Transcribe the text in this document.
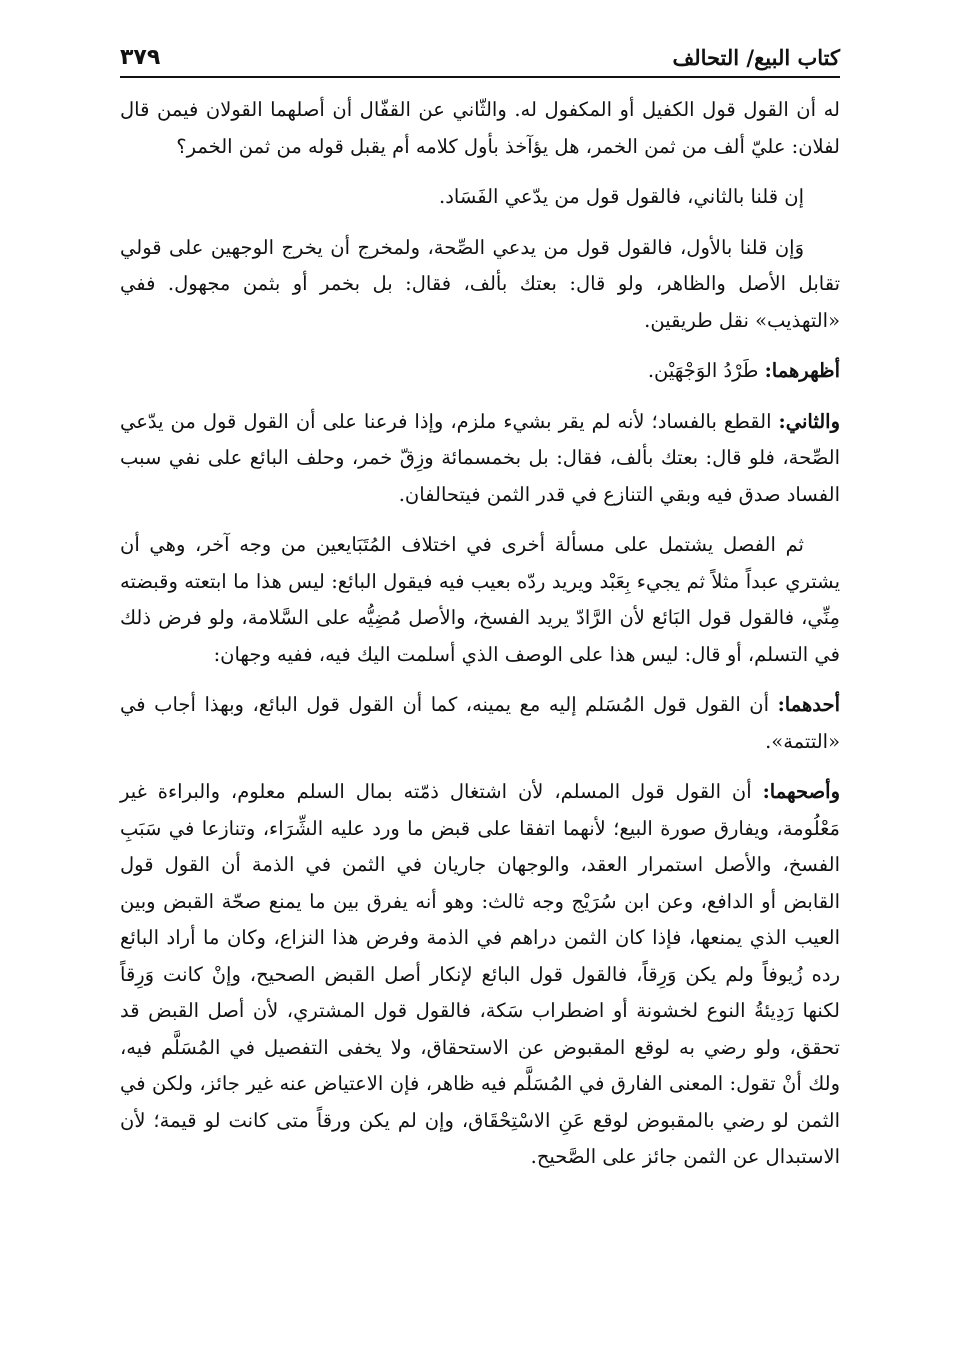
كتاب البيع/ التحالف
٣٧٩

له أن القول قول الكفيل أو المكفول له. والثّاني عن القفّال أن أصلهما القولان فيمن قال لفلان: عليّ ألف من ثمن الخمر، هل يؤآخذ بأول كلامه أم يقبل قوله من ثمن الخمر؟

إن قلنا بالثاني، فالقول قول من يدّعي الفَسَاد.

وَإن قلنا بالأول، فالقول قول من يدعي الصِّحة، ولمخرج أن يخرج الوجهين على قولي تقابل الأصل والظاهر، ولو قال: بعتك بألف، فقال: بل بخمر أو بثمن مجهول. ففي «التهذيب» نقل طريقين.

أظهرهما: طَرْدُ الوَجْهَيْن.

والثاني: القطع بالفساد؛ لأنه لم يقر بشيء ملزم، وإذا فرعنا على أن القول قول من يدّعي الصِّحة، فلو قال: بعتك بألف، فقال: بل بخمسمائة وزِقّ خمر، وحلف البائع على نفي سبب الفساد صدق فيه وبقي التنازع في قدر الثمن فيتحالفان.

ثم الفصل يشتمل على مسألة أخرى في اختلاف المُتَبَايعين من وجه آخر، وهي أن يشتري عبداً مثلاً ثم يجيء بِعَبْد ويريد ردّه بعيب فيه فيقول البائع: ليس هذا ما ابتعته وقبضته مِنِّي، فالقول قول البَائع لأن الرَّادّ يريد الفسخ، والأصل مُضِيُّه على السَّلامة، ولو فرض ذلك في التسلم، أو قال: ليس هذا على الوصف الذي أسلمت اليك فيه، ففيه وجهان:

أحدهما: أن القول قول المُسَلم إليه مع يمينه، كما أن القول قول البائع، وبهذا أجاب في «التتمة».

وأصحهما: أن القول قول المسلم، لأن اشتغال ذمّته بمال السلم معلوم، والبراءة غير مَعْلُومة، ويفارق صورة البيع؛ لأنهما اتفقا على قبض ما ورد عليه الشِّرَاء، وتنازعا في سَبَبِ الفسخ، والأصل استمرار العقد، والوجهان جاريان في الثمن في الذمة أن القول قول القابض أو الدافع، وعن ابن سُرَيْج وجه ثالث: وهو أنه يفرق بين ما يمنع صحّة القبض وبين العيب الذي يمنعها، فإذا كان الثمن دراهم في الذمة وفرض هذا النزاع، وكان ما أراد البائع رده زُيوفاً ولم يكن وَرِقاً، فالقول قول البائع لإنكار أصل القبض الصحيح، وإنْ كانت وَرِقاً لكنها رَدِيئةُ النوع لخشونة أو اضطراب سَكة، فالقول قول المشتري، لأن أصل القبض قد تحقق، ولو رضي به لوقع المقبوض عن الاستحقاق، ولا يخفى التفصيل في المُسَلَّم فيه، ولك أنْ تقول: المعنى الفارق في المُسَلَّم فيه ظاهر، فإن الاعتياض عنه غير جائز، ولكن في الثمن لو رضي بالمقبوض لوقع عَنِ الاسْتِحْقَاق، وإن لم يكن ورقاً متى كانت لو قيمة؛ لأن الاستبدال عن الثمن جائز على الصَّحيح.
